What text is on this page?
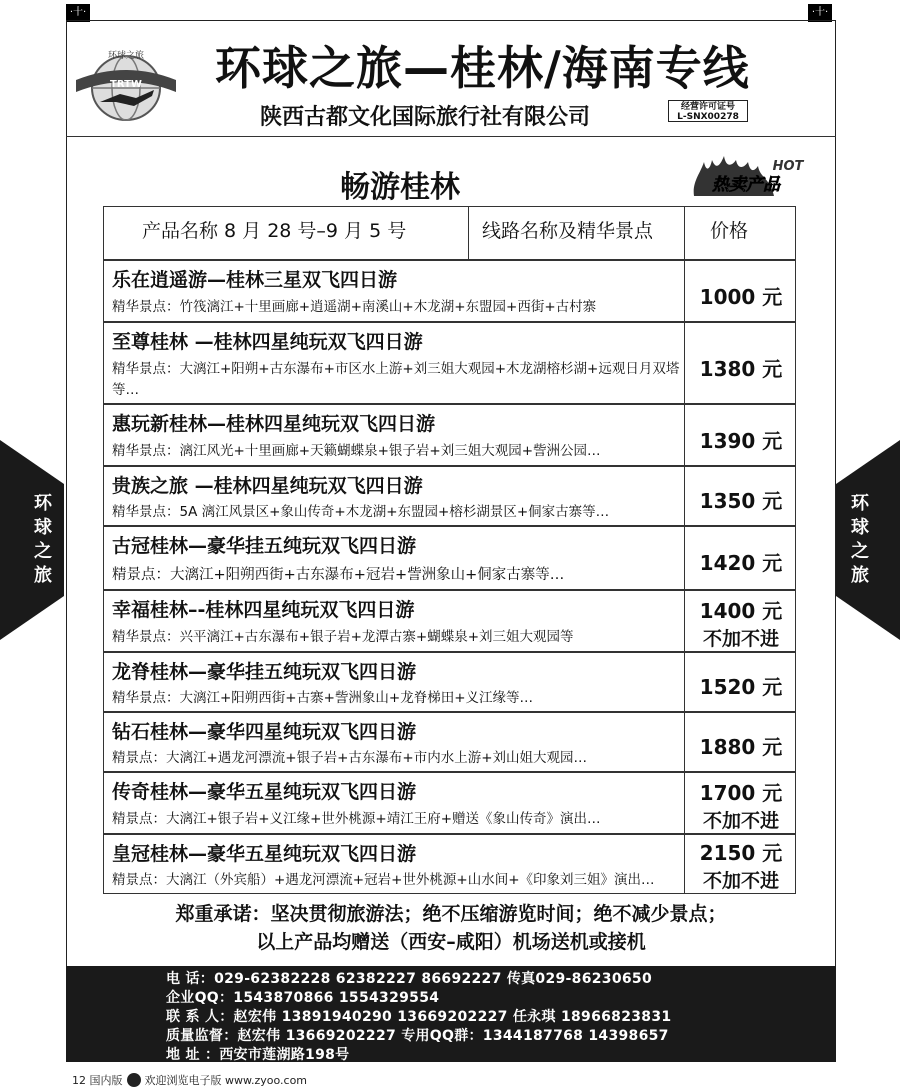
·十·	·十·
TRTW
环球之旅 环球之旅—桂林/海南专线
陕西古都文化国际旅行社有限公司	经营许可证号
L-SNX00278
畅游桂林	热卖产品
HOT
环球之旅
环球之旅
产品名称 8 月 28 号–9 月 5 号	线路名称及精华景点	价格
乐在逍遥游—桂林三星双飞四日游
精华景点：竹筏漓江+十里画廊+逍遥湖+南溪山+木龙湖+东盟园+西街+古村寨	1000 元
至尊桂林 —桂林四星纯玩双飞四日游
精华景点：大漓江+阳朔+古东瀑布+市区水上游+刘三姐大观园+木龙湖榕杉湖+远观日月双塔等…
1380 元
惠玩新桂林—桂林四星纯玩双飞四日游
精华景点：漓江风光+十里画廊+天籁蝴蝶泉+银子岩+刘三姐大观园+訾洲公园…	1390 元
贵族之旅 —桂林四星纯玩双飞四日游
精华景点：5A 漓江风景区+象山传奇+木龙湖+东盟园+榕杉湖景区+侗家古寨等…	1350 元
古冠桂林—豪华挂五纯玩双飞四日游
精景点：大漓江+阳朔西街+古东瀑布+冠岩+訾洲象山+侗家古寨等…	1420 元
幸福桂林–-桂林四星纯玩双飞四日游
精华景点：兴平漓江+古东瀑布+银子岩+龙潭古寨+蝴蝶泉+刘三姐大观园等
1400 元
不加不进
龙脊桂林—豪华挂五纯玩双飞四日游
精华景点：大漓江+阳朔西街+古寨+訾洲象山+龙脊梯田+义江缘等…	1520 元
钻石桂林—豪华四星纯玩双飞四日游
精景点：大漓江+遇龙河漂流+银子岩+古东瀑布+市内水上游+刘山姐大观园…	1880 元
传奇桂林—豪华五星纯玩双飞四日游
精景点：大漓江+银子岩+义江缘+世外桃源+靖江王府+赠送《象山传奇》演出…
1700 元
不加不进
皇冠桂林—豪华五星纯玩双飞四日游
精景点：大漓江（外宾船）+遇龙河漂流+冠岩+世外桃源+山水间+《印象刘三姐》演出…
2150 元
不加不进
郑重承诺：坚决贯彻旅游法；绝不压缩游览时间；绝不减少景点；
以上产品均赠送（西安–咸阳）机场送机或接机
电 话：029-62382228 62382227 86692227 传真029-86230650
企业QQ：1543870866 1554329554
联 系 人：赵宏伟 13891940290 13669202227 任永琪 18966823831
质量监督：赵宏伟 13669202227 专用QQ群：1344187768 14398657
地 址 ：西安市莲湖路198号
12 国内版 欢迎浏览电子版 www.zyoo.com
